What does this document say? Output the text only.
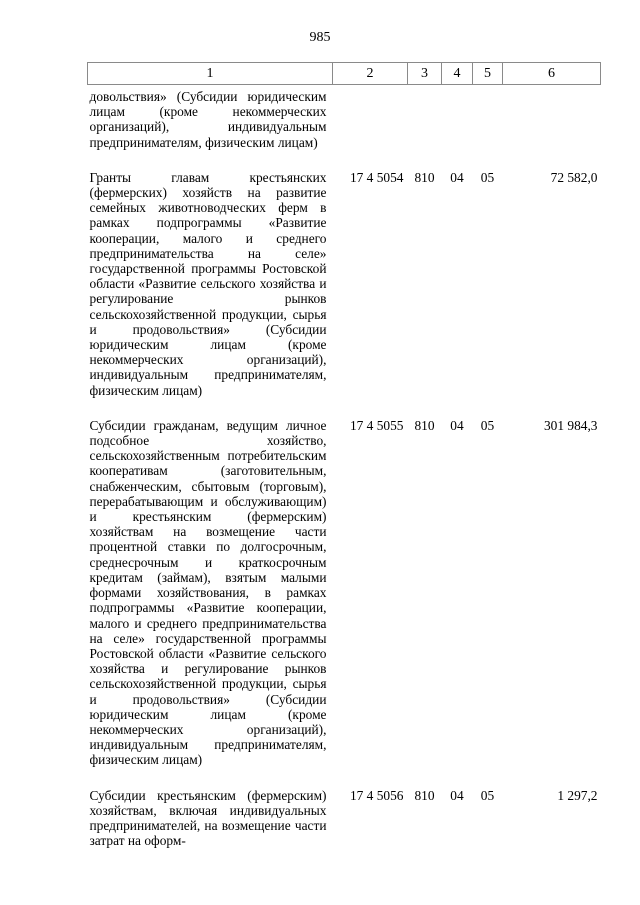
985
1	2	3	4	5	6
довольствия» (Субсидии юридическим лицам (кроме некоммерческих организаций), индивидуальным предпринимателям, физическим лицам)					
Гранты главам крестьянских (фермерских) хозяйств на развитие семейных животноводческих ферм в рамках подпрограммы «Развитие кооперации, малого и среднего предпринимательства на селе» государственной программы Ростовской области «Развитие сельского хозяйства и регулирование рынков сельскохозяйственной продукции, сырья и продовольствия» (Субсидии юридическим лицам (кроме некоммерческих организаций), индивидуальным предпринимателям, физическим лицам)	17 4 5054	810	04	05	72 582,0
Субсидии гражданам, ведущим личное подсобное хозяйство, сельскохозяйственным потребительским кооперативам (заготовительным, снабженческим, сбытовым (торговым), перерабатывающим и обслуживающим) и крестьянским (фермерским) хозяйствам на возмещение части процентной ставки по долгосрочным, среднесрочным и краткосрочным кредитам (займам), взятым малыми формами хозяйствования, в рамках подпрограммы «Развитие кооперации, малого и среднего предпринимательства на селе» государственной программы Ростовской области «Развитие сельского хозяйства и регулирование рынков сельскохозяйственной продукции, сырья и продовольствия» (Субсидии юридическим лицам (кроме некоммерческих организаций), индивидуальным предпринимателям, физическим лицам)	17 4 5055	810	04	05	301 984,3
Субсидии крестьянским (фермерским) хозяйствам, включая индивидуальных предпринимателей, на возмещение части затрат на оформ-	17 4 5056	810	04	05	1 297,2
